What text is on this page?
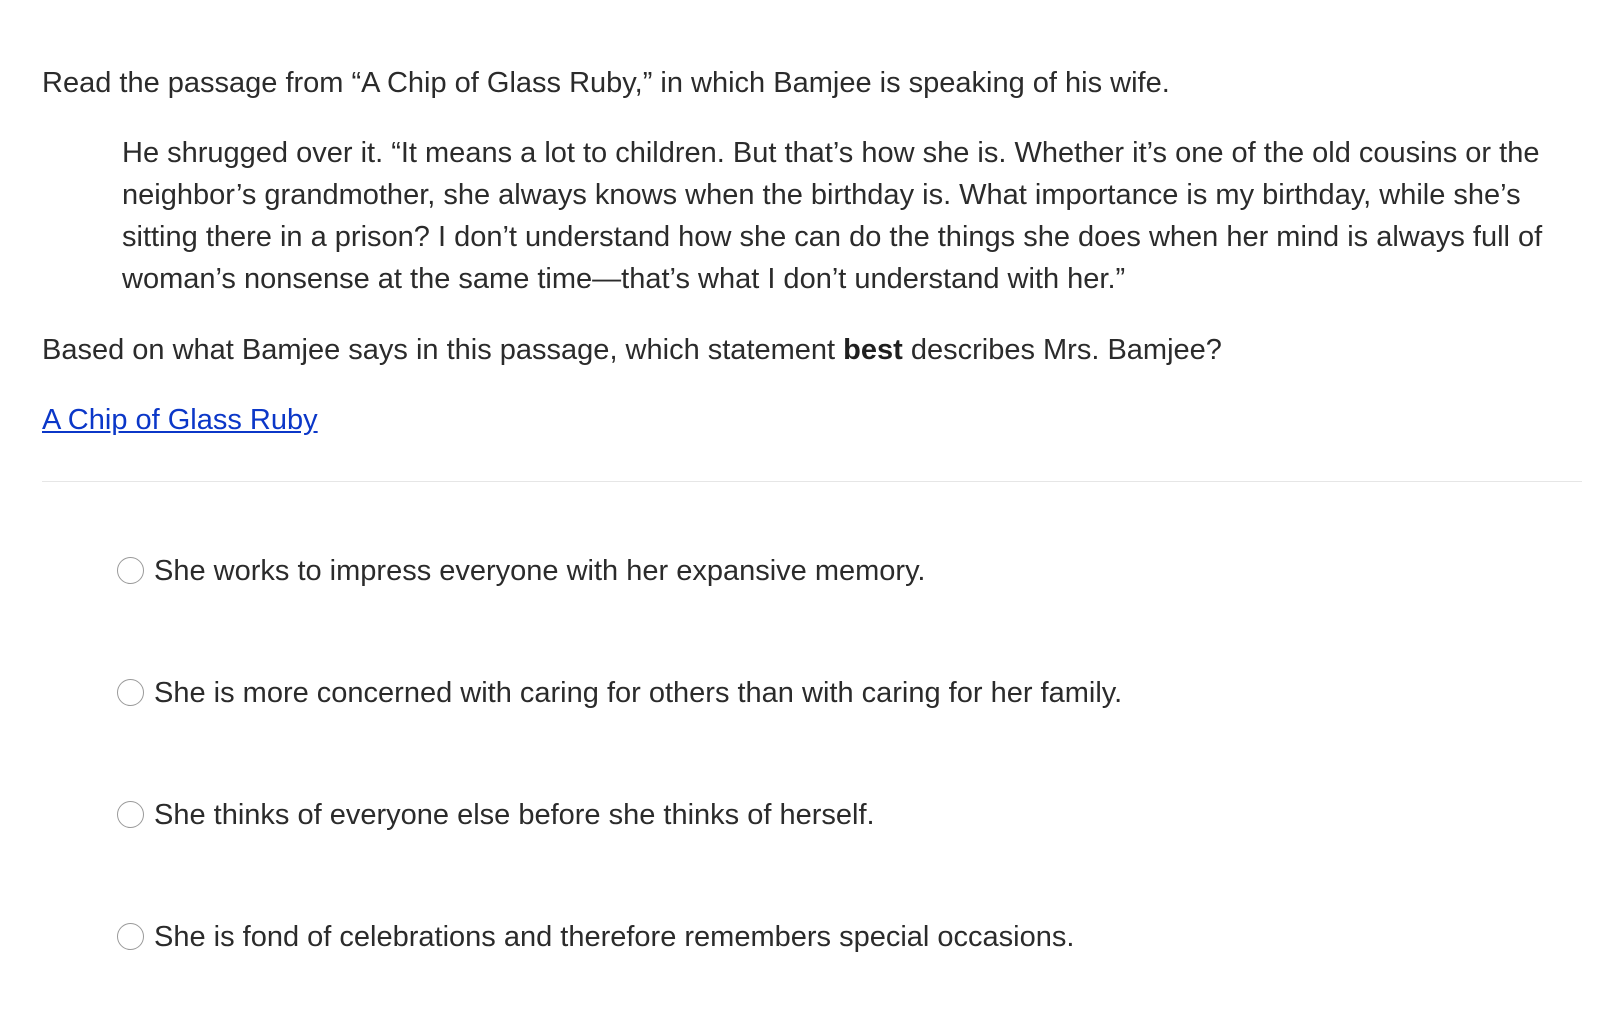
Read the passage from “A Chip of Glass Ruby,” in which Bamjee is speaking of his wife.

He shrugged over it. “It means a lot to children. But that’s how she is. Whether it’s one of the old cousins or the neighbor’s grandmother, she always knows when the birthday is. What importance is my birthday, while she’s sitting there in a prison? I don’t understand how she can do the things she does when her mind is always full of woman’s nonsense at the same time—that’s what I don’t understand with her.”

Based on what Bamjee says in this passage, which statement best describes Mrs. Bamjee?

A Chip of Glass Ruby
She works to impress everyone with her expansive memory.
She is more concerned with caring for others than with caring for her family.
She thinks of everyone else before she thinks of herself.
She is fond of celebrations and therefore remembers special occasions.
